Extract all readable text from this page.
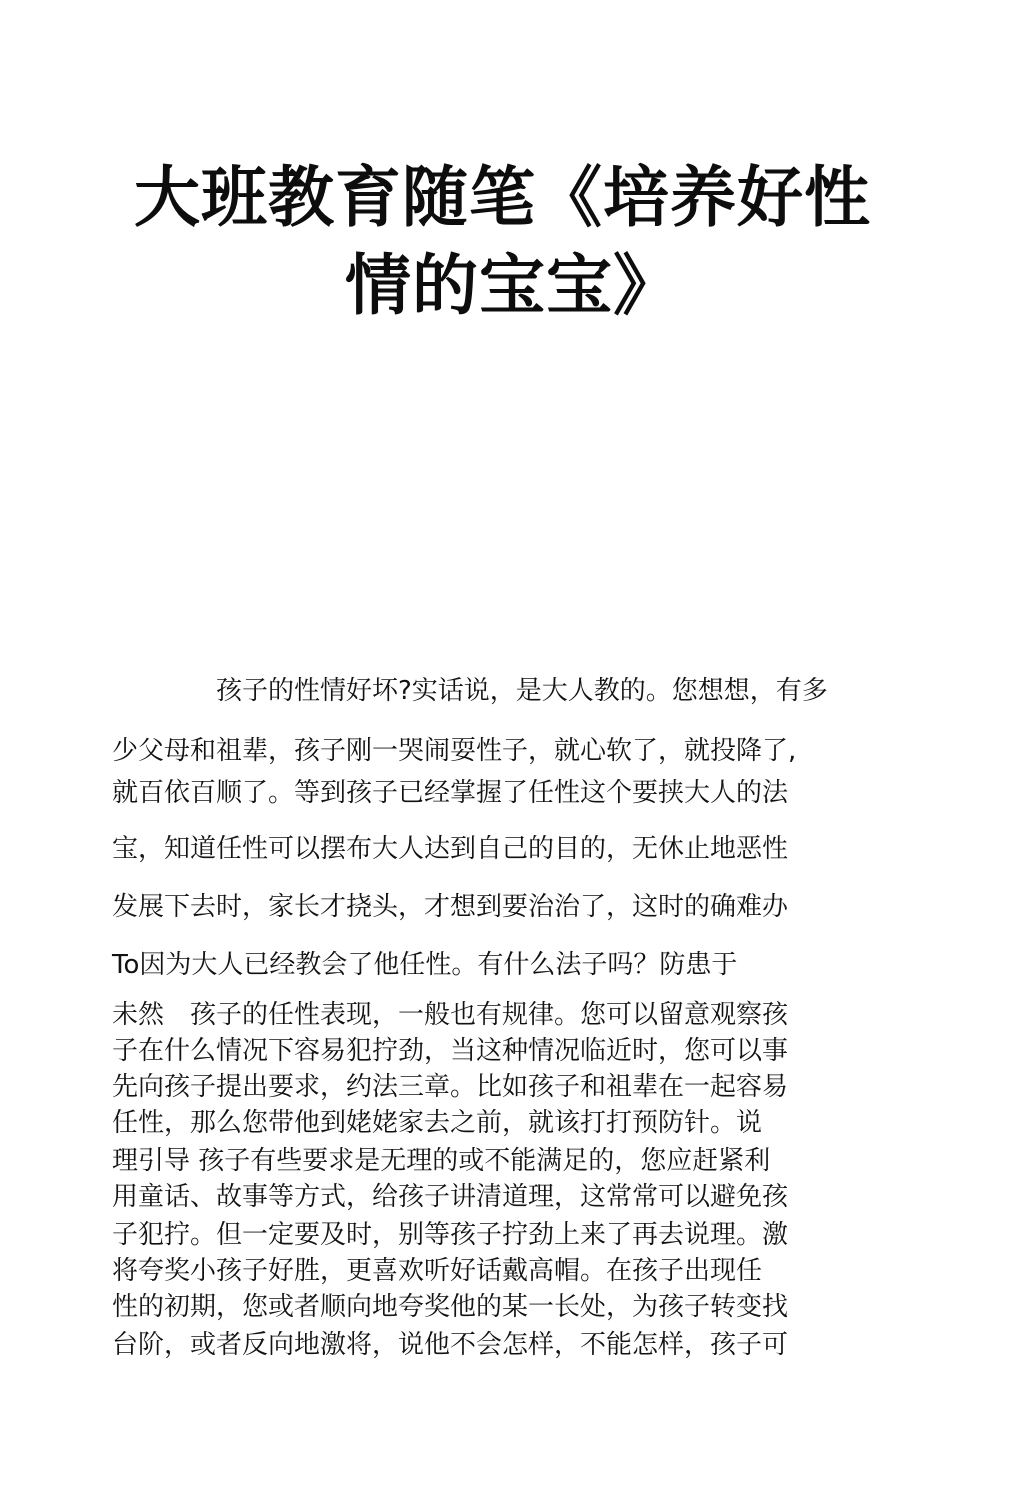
大班教育随笔《培养好性
情的宝宝》
孩子的性情好坏?实话说，是大人教的。您想想，有多
少父母和祖辈，孩子刚一哭闹耍性子，就心软了，就投降了,
就百依百顺了。等到孩子已经掌握了任性这个要挟大人的法
宝，知道任性可以摆布大人达到自己的目的，无休止地恶性
发展下去时，家长才挠头，才想到要治治了，这时的确难办
To因为大人已经教会了他任性。有什么法子吗？防患于
未然　孩子的任性表现，一般也有规律。您可以留意观察孩
子在什么情况下容易犯拧劲，当这种情况临近时，您可以事
先向孩子提出要求，约法三章。比如孩子和祖辈在一起容易
任性，那么您带他到姥姥家去之前，就该打打预防针。说
理引导 孩子有些要求是无理的或不能满足的，您应赶紧利
用童话、故事等方式，给孩子讲清道理，这常常可以避免孩
子犯拧。但一定要及时，别等孩子拧劲上来了再去说理。激
将夸奖小孩子好胜，更喜欢听好话戴高帽。在孩子出现任
性的初期，您或者顺向地夸奖他的某一长处，为孩子转变找
台阶，或者反向地激将，说他不会怎样，不能怎样，孩子可
